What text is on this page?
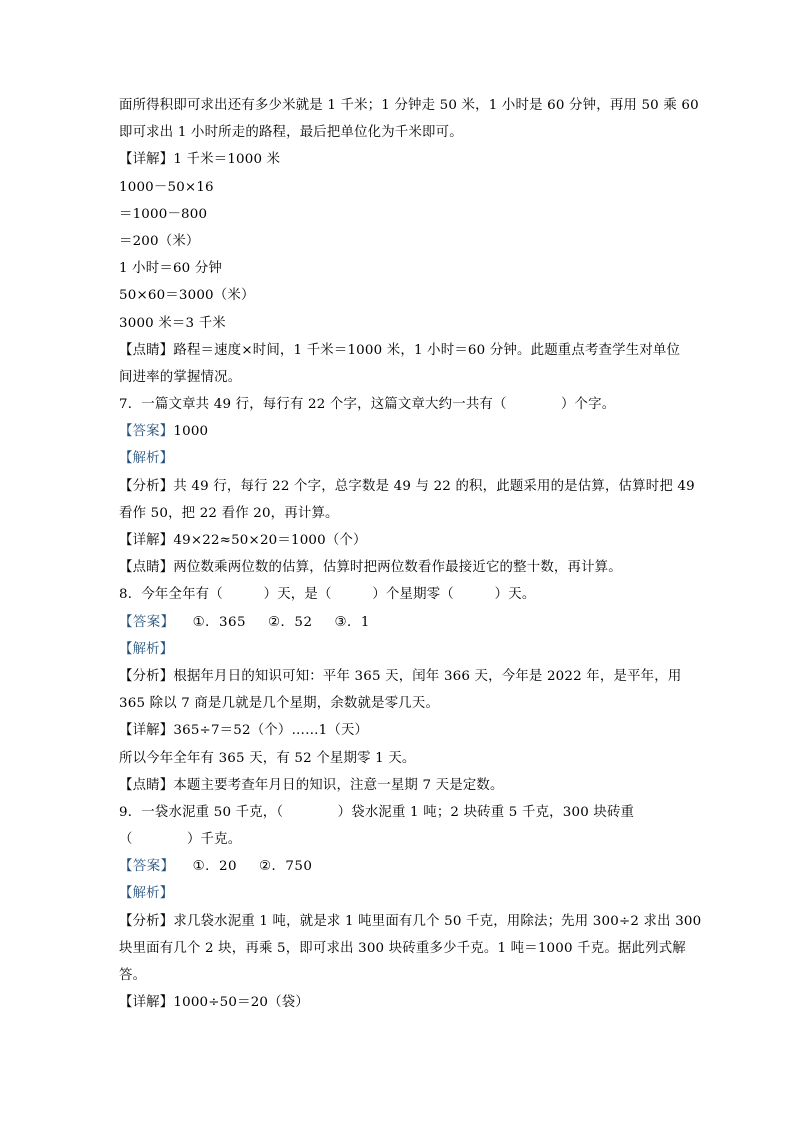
面所得积即可求出还有多少米就是 1 千米；1 分钟走 50 米，1 小时是 60 分钟，再用 50 乘 60
即可求出 1 小时所走的路程，最后把单位化为千米即可。
【详解】1 千米＝1000 米
1000－50×16
＝1000－800
＝200（米）
1 小时＝60 分钟
50×60＝3000（米）
3000 米＝3 千米
【点睛】路程＝速度×时间，1 千米＝1000 米，1 小时＝60 分钟。此题重点考查学生对单位
间进率的掌握情况。
7．一篇文章共 49 行，每行有 22 个字，这篇文章大约一共有（　　　　）个字。
【答案】1000
【解析】
【分析】共 49 行，每行 22 个字，总字数是 49 与 22 的积，此题采用的是估算，估算时把 49
看作 50，把 22 看作 20，再计算。
【详解】49×22≈50×20＝1000（个）
【点睛】两位数乘两位数的估算，估算时把两位数看作最接近它的整十数，再计算。
8．今年全年有（　　　）天，是（　　　）个星期零（　　　）天。
【答案】 ①．365 ②．52 ③．1
【解析】
【分析】根据年月日的知识可知：平年 365 天，闰年 366 天，今年是 2022 年，是平年，用
365 除以 7 商是几就是几个星期，余数就是零几天。
【详解】365÷7＝52（个）……1（天）
所以今年全年有 365 天，有 52 个星期零 1 天。
【点睛】本题主要考查年月日的知识，注意一星期 7 天是定数。
9．一袋水泥重 50 千克，（　　　　）袋水泥重 1 吨；2 块砖重 5 千克，300 块砖重
（　　　　）千克。
【答案】 ①．20 ②．750
【解析】
【分析】求几袋水泥重 1 吨，就是求 1 吨里面有几个 50 千克，用除法；先用 300÷2 求出 300
块里面有几个 2 块，再乘 5，即可求出 300 块砖重多少千克。1 吨＝1000 千克。据此列式解
答。
【详解】1000÷50＝20（袋）
